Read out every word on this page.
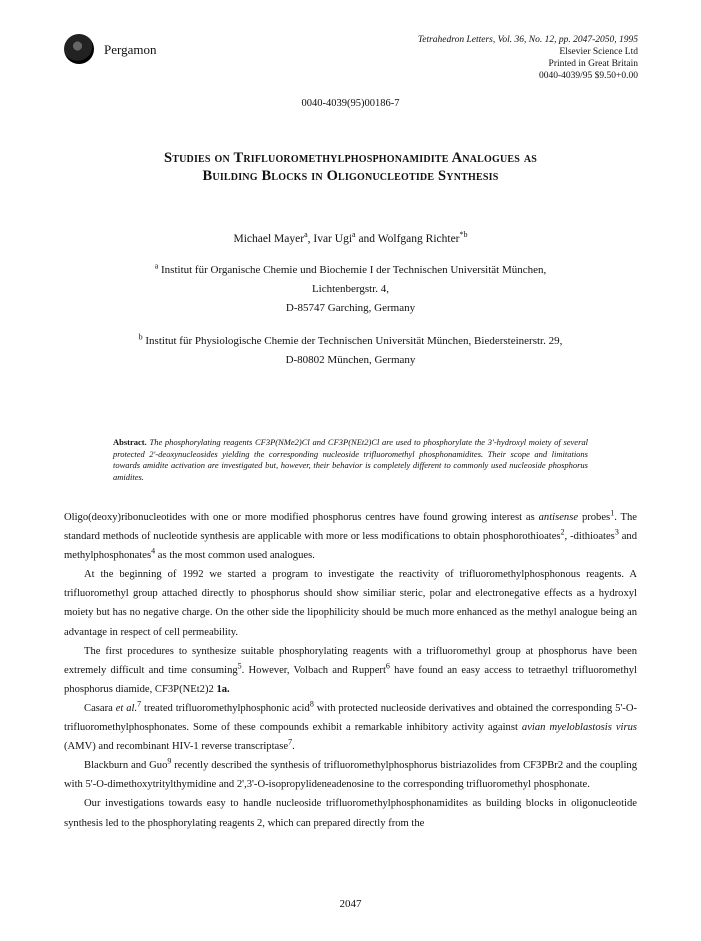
Pergamon
Tetrahedron Letters, Vol. 36, No. 12, pp. 2047-2050, 1995
Elsevier Science Ltd
Printed in Great Britain
0040-4039/95 $9.50+0.00
0040-4039(95)00186-7
Studies on Trifluoromethylphosphonamidite Analogues as
Building Blocks in Oligonucleotide Synthesis
Michael Mayer$^a$, Ivar Ugi$^a$ and Wolfgang Richter$^{*b}$
$^a$ Institut für Organische Chemie und Biochemie I der Technischen Universität München,
Lichtenbergstr. 4,
D-85747 Garching, Germany
$^b$ Institut für Physiologische Chemie der Technischen Universität München, Biedersteinerstr. 29,
D-80802 München, Germany
Abstract. The phosphorylating reagents CF3P(NMe2)Cl and CF3P(NEt2)Cl are used to phosphorylate the 3'-hydroxyl moiety of several protected 2'-deoxynucleosides yielding the corresponding nucleoside trifluoromethyl phosphonamidites. Their scope and limitations towards amidite activation are investigated but, however, their behavior is completely different to commonly used nucleoside phosphorus amidites.

Oligo(deoxy)ribonucleotides with one or more modified phosphorus centres have found growing interest as antisense probes$^1$. The standard methods of nucleotide synthesis are applicable with more or less modifications to obtain phosphorothioates$^2$, -dithioates$^3$ and methylphosphonates$^4$ as the most common used analogues.

At the beginning of 1992 we started a program to investigate the reactivity of trifluoromethylphosphonous reagents. A trifluoromethyl group attached directly to phosphorus should show similiar steric, polar and electronegative effects as a hydroxyl moiety but has no negative charge. On the other side the lipophilicity should be much more enhanced as the methyl analogue being an advantage in respect of cell permeability.

The first procedures to synthesize suitable phosphorylating reagents with a trifluoromethyl group at phosphorus have been extremely difficult and time consuming$^5$. However, Volbach and Ruppert$^6$ have found an easy access to tetraethyl trifluoromethyl phosphorus diamide, CF3P(NEt2)2 1a.

Casara et al.$^7$ treated trifluoromethylphosphonic acid$^8$ with protected nucleoside derivatives and obtained the corresponding 5'-O-trifluoromethylphosphonates. Some of these compounds exhibit a remarkable inhibitory activity against avian myeloblastosis virus (AMV) and recombinant HIV-1 reverse transcriptase$^7$.

Blackburn and Guo$^9$ recently described the synthesis of trifluoromethylphosphorus bistriazolides from CF3PBr2 and the coupling with 5'-O-dimethoxytritylthymidine and 2',3'-O-isopropylideneadenosine to the corresponding trifluoromethyl phosphonate.

Our investigations towards easy to handle nucleoside trifluoromethylphosphonamidites as building blocks in oligonucleotide synthesis led to the phosphorylating reagents 2, which can prepared directly from the

2047
